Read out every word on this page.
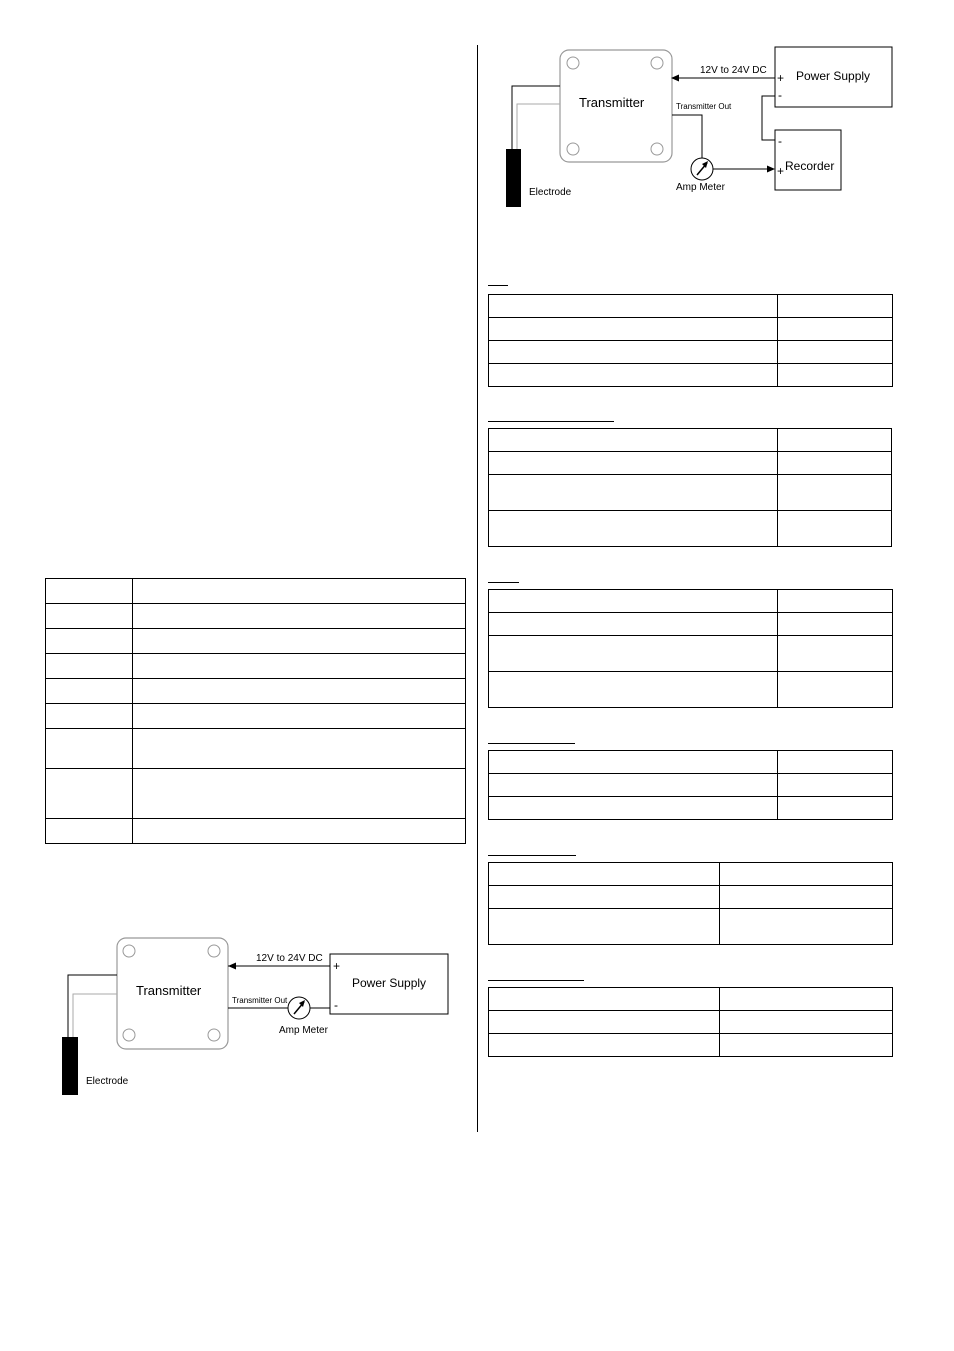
Transmitter
Electrode
12V to 24V DC
Transmitter Out
Amp Meter
Power Supply
+
-
Recorder
-
+

Transmitter
Electrode
12V to 24V DC
Transmitter Out
Amp Meter
Power Supply
+
-
